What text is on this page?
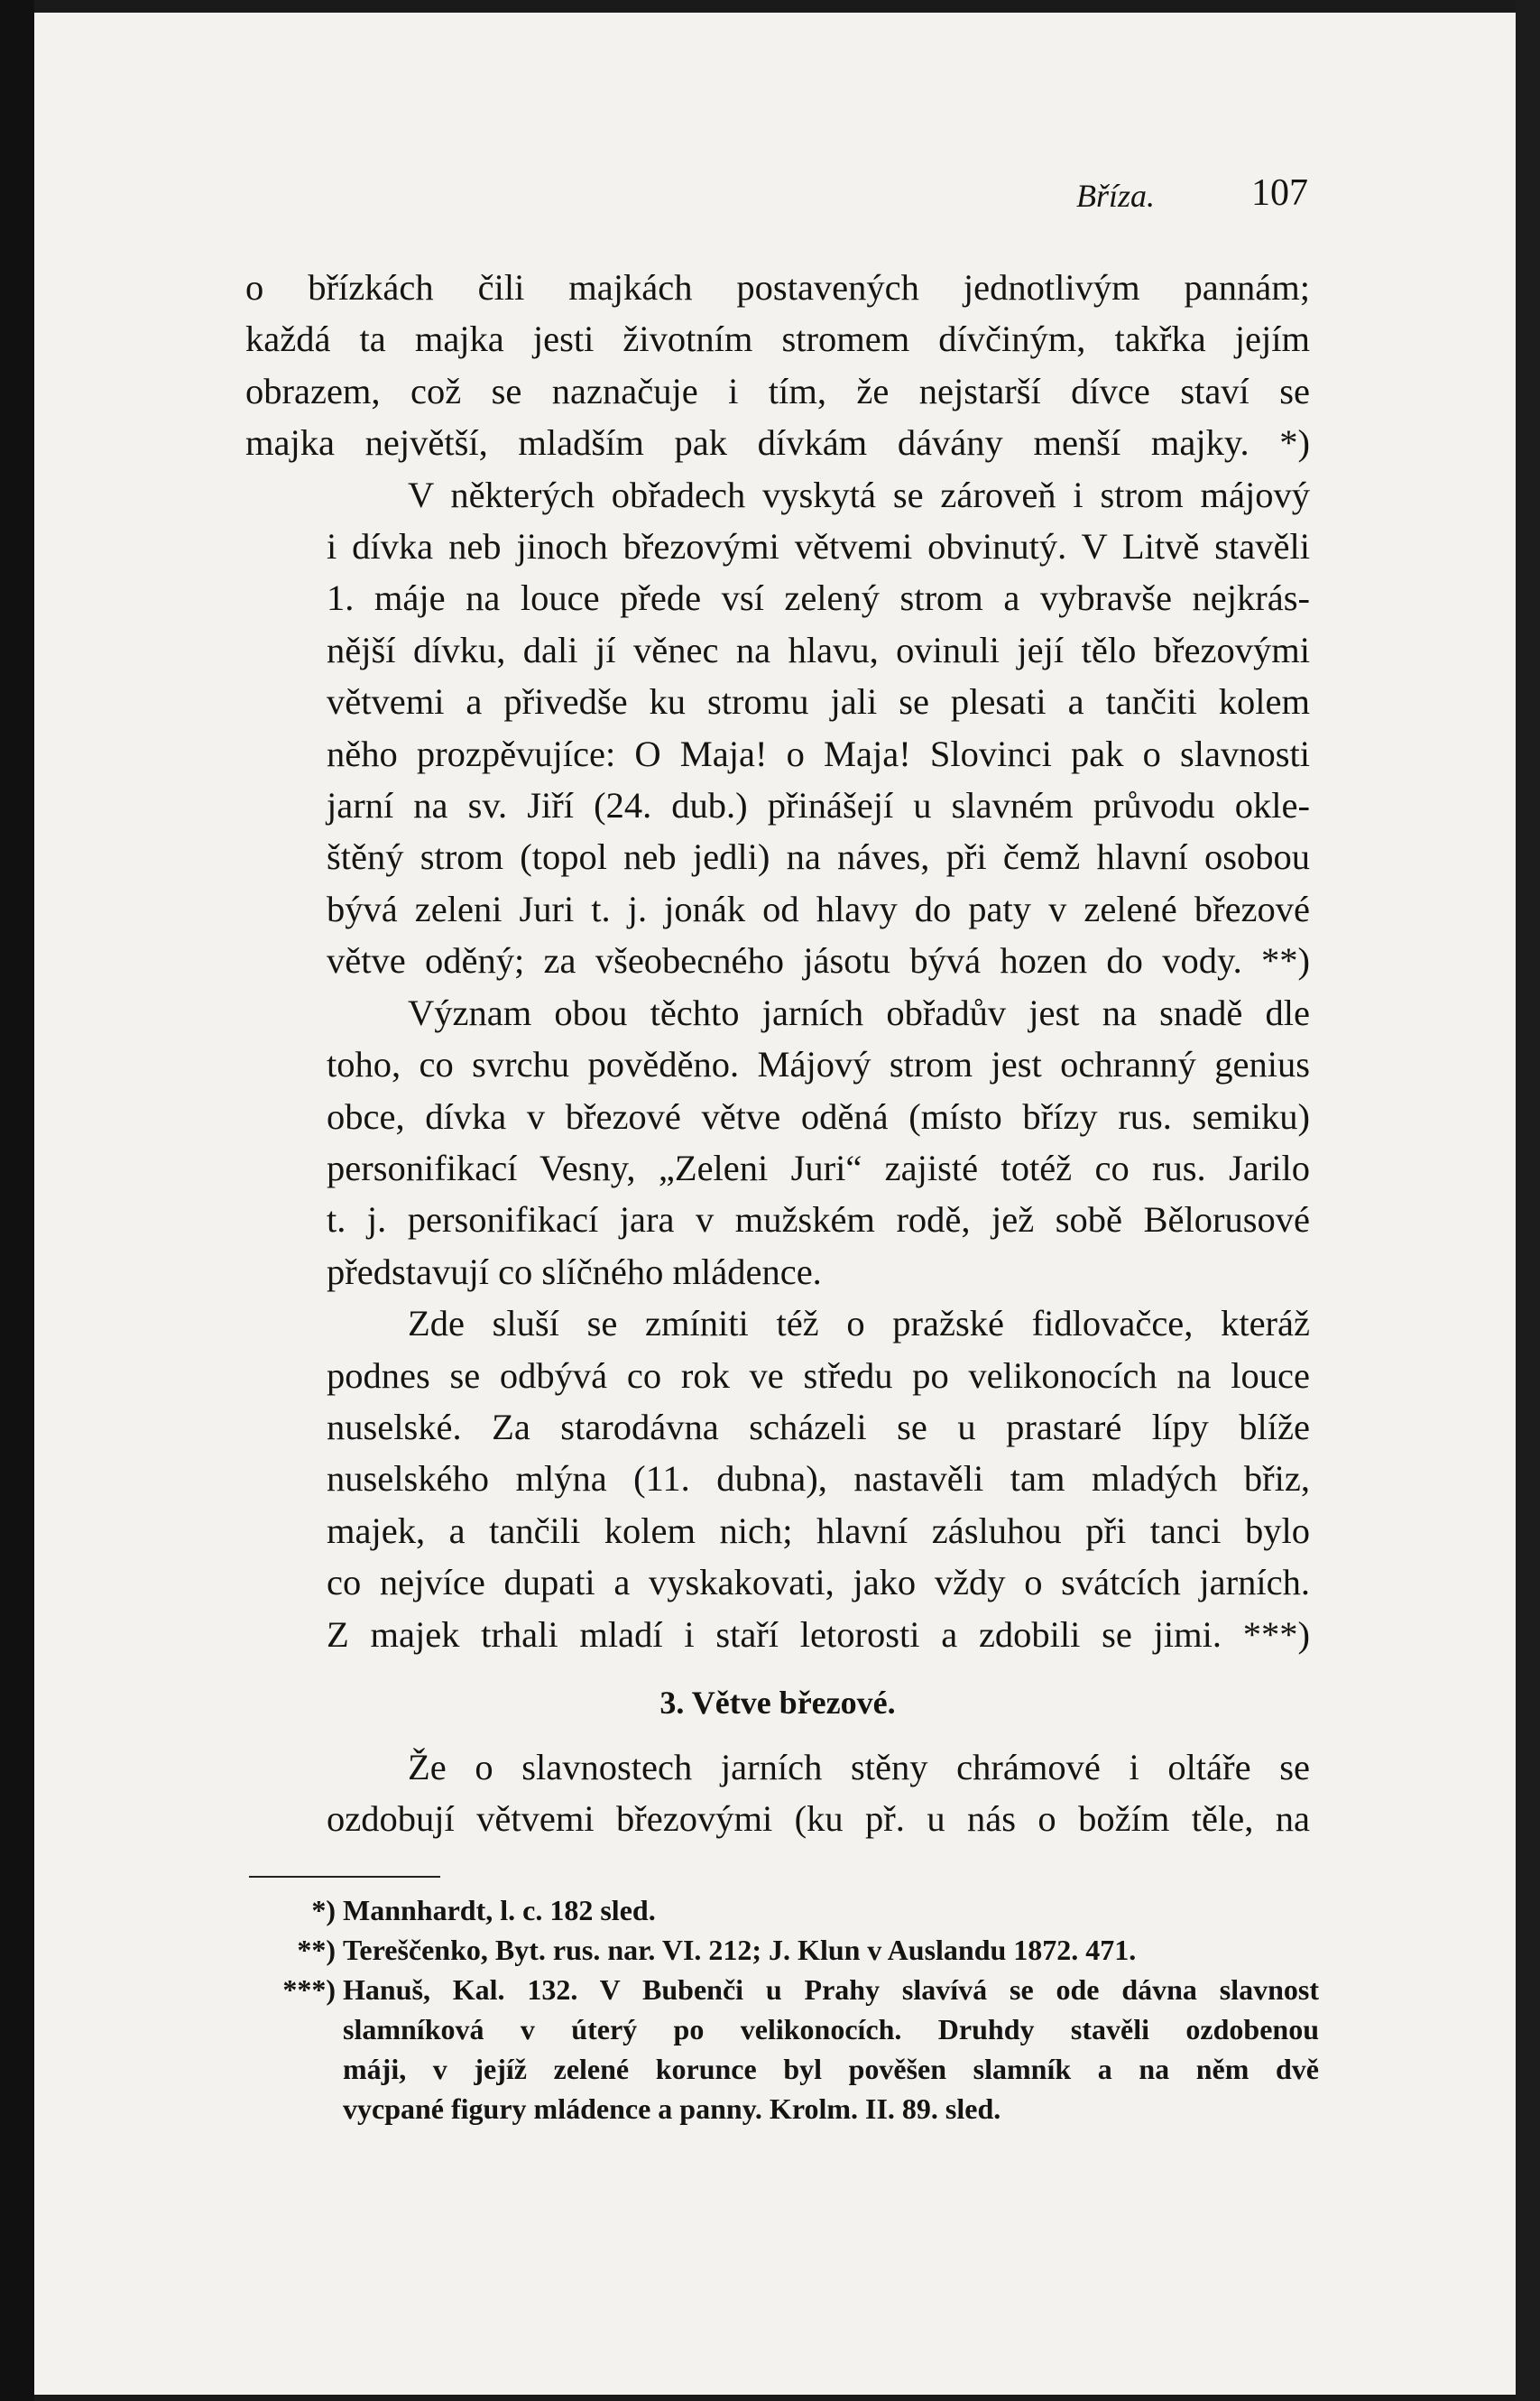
Bříza.	107

o břízkách čili majkách postavených jednotlivým pannám;
každá ta majka jesti životním stromem dívčiným, takřka jejím
obrazem, což se naznačuje i tím, že nejstarší dívce staví se
majka největší, mladším pak dívkám dávány menší majky. *)

V některých obřadech vyskytá se zároveň i strom májový
i dívka neb jinoch březovými větvemi obvinutý. V Litvě stavěli
1. máje na louce přede vsí zelený strom a vybravše nejkrás-
nější dívku, dali jí věnec na hlavu, ovinuli její tělo březovými
větvemi a přivedše ku stromu jali se plesati a tančiti kolem
něho prozpěvujíce: O Maja! o Maja! Slovinci pak o slavnosti
jarní na sv. Jiří (24. dub.) přinášejí u slavném průvodu okle-
štěný strom (topol neb jedli) na náves, při čemž hlavní osobou
bývá zeleni Juri t. j. jonák od hlavy do paty v zelené březové
větve oděný; za všeobecného jásotu bývá hozen do vody. **)

Význam obou těchto jarních obřadův jest na snadě dle
toho, co svrchu pověděno. Májový strom jest ochranný genius
obce, dívka v březové větve oděná (místo břízy rus. semiku)
personifikací Vesny, „Zeleni Juri“ zajisté totéž co rus. Jarilo
t. j. personifikací jara v mužském rodě, jež sobě Bělorusové
představují co slíčného mládence.

Zde sluší se zmíniti též o pražské fidlovačce, kteráž
podnes se odbývá co rok ve středu po velikonocích na louce
nuselské. Za starodávna scházeli se u prastaré lípy blíže
nuselského mlýna (11. dubna), nastavěli tam mladých břiz,
majek, a tančili kolem nich; hlavní zásluhou při tanci bylo
co nejvíce dupati a vyskakovati, jako vždy o svátcích jarních.
Z majek trhali mladí i staří letorosti a zdobili se jimi. ***)

3. Větve březové.

Že o slavnostech jarních stěny chrámové i oltáře se
ozdobují větvemi březovými (ku př. u nás o božím těle, na

*) Mannhardt, l. c. 182 sled.
**) Tereščenko, Byt. rus. nar. VI. 212; J. Klun v Auslandu 1872. 471.
***) Hanuš, Kal. 132. V Bubenči u Prahy slavívá se ode dávna slavnost
slamníková v úterý po velikonocích. Druhdy stavěli ozdobenou
máji, v jejíž zelené korunce byl pověšen slamník a na něm dvě
vycpané figury mládence a panny. Krolm. II. 89. sled.
